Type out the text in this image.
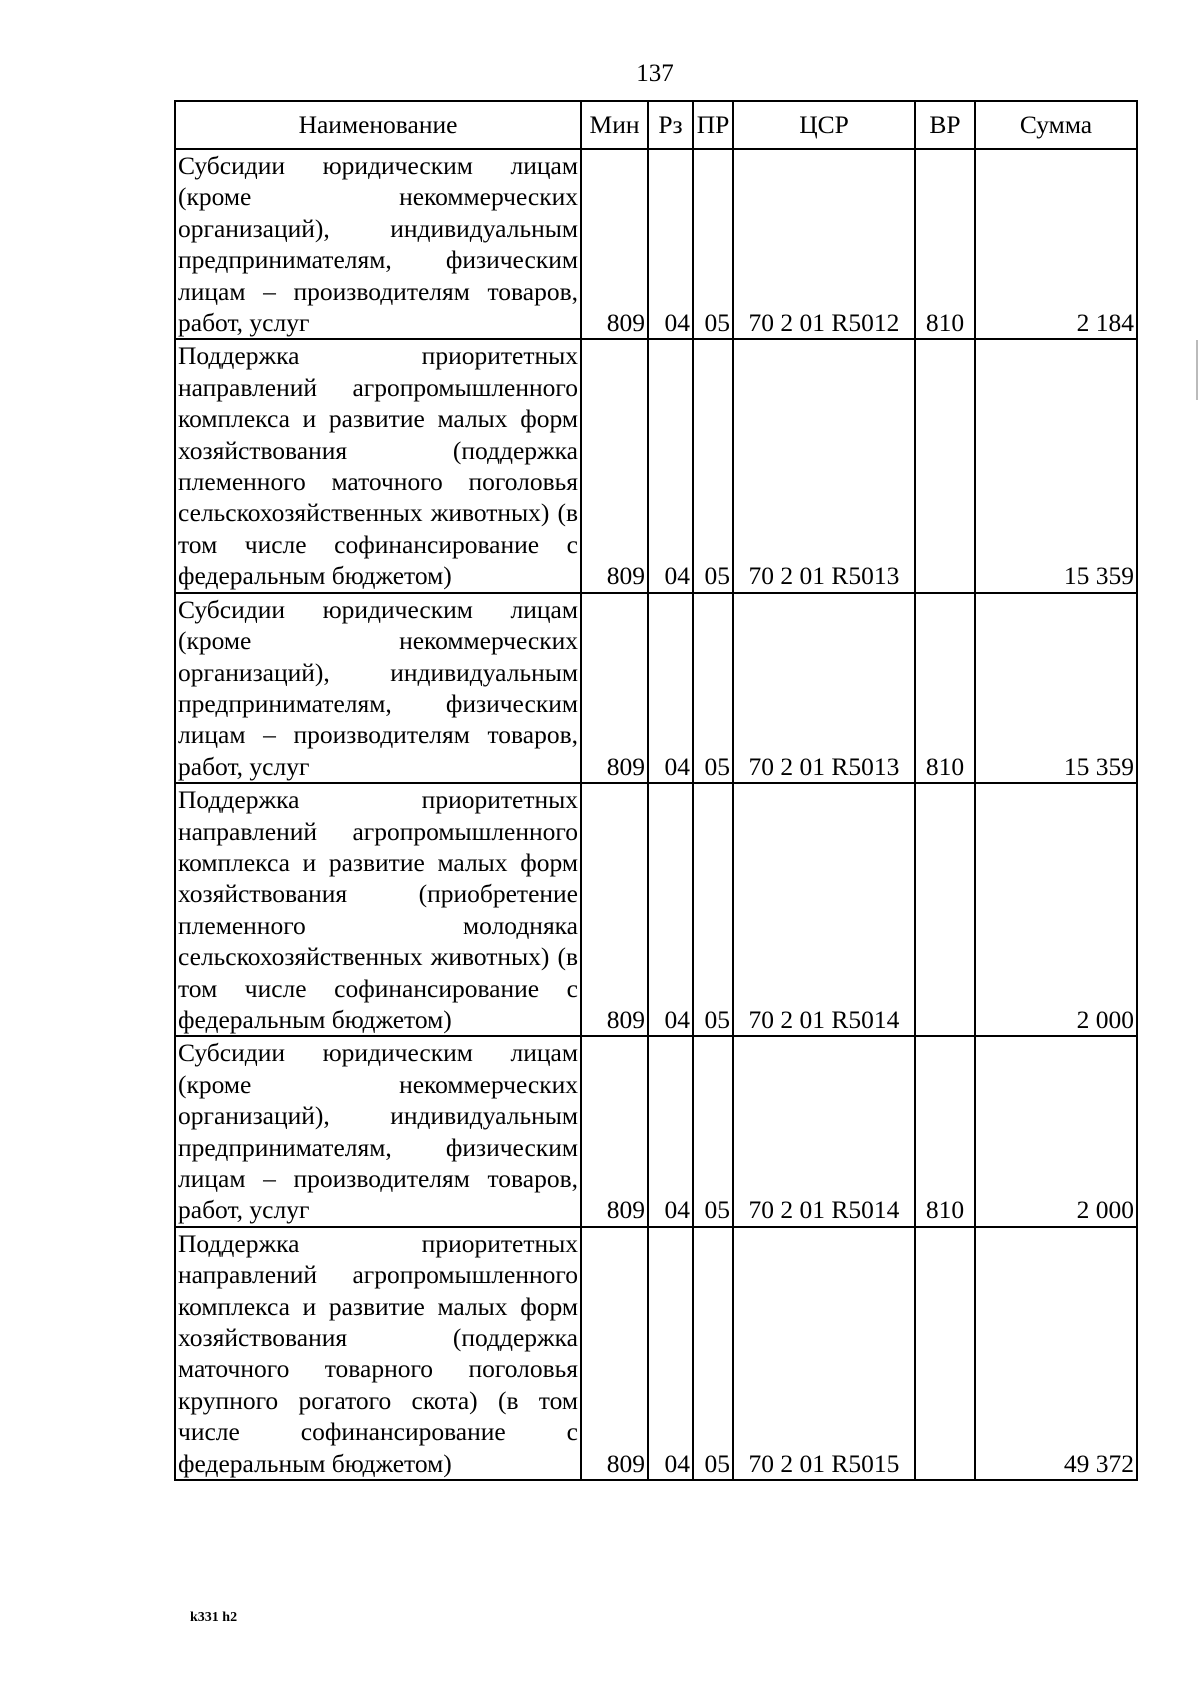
137
Наименование	Мин	Рз	ПР	ЦСР	ВР	Сумма
Субсидии юридическим лицам (кроме некоммерческих организаций), индивидуальным предпринимателям, физическим лицам – производителям товаров, работ, услуг	809	04	05	70 2 01 R5012	810	2 184
Поддержка приоритетных направлений агропромышленного комплекса и развитие малых форм хозяйствования (поддержка племенного маточного поголовья сельскохозяйственных животных) (в том числе софинансирование с федеральным бюджетом)	809	04	05	70 2 01 R5013		15 359
Субсидии юридическим лицам (кроме некоммерческих организаций), индивидуальным предпринимателям, физическим лицам – производителям товаров, работ, услуг	809	04	05	70 2 01 R5013	810	15 359
Поддержка приоритетных направлений агропромышленного комплекса и развитие малых форм хозяйствования (приобретение племенного молодняка сельскохозяйственных животных) (в том числе софинансирование с федеральным бюджетом)	809	04	05	70 2 01 R5014		2 000
Субсидии юридическим лицам (кроме некоммерческих организаций), индивидуальным предпринимателям, физическим лицам – производителям товаров, работ, услуг	809	04	05	70 2 01 R5014	810	2 000
Поддержка приоритетных направлений агропромышленного комплекса и развитие малых форм хозяйствования (поддержка маточного товарного поголовья крупного рогатого скота) (в том числе софинансирование с федеральным бюджетом)	809	04	05	70 2 01 R5015		49 372
k331 h2
